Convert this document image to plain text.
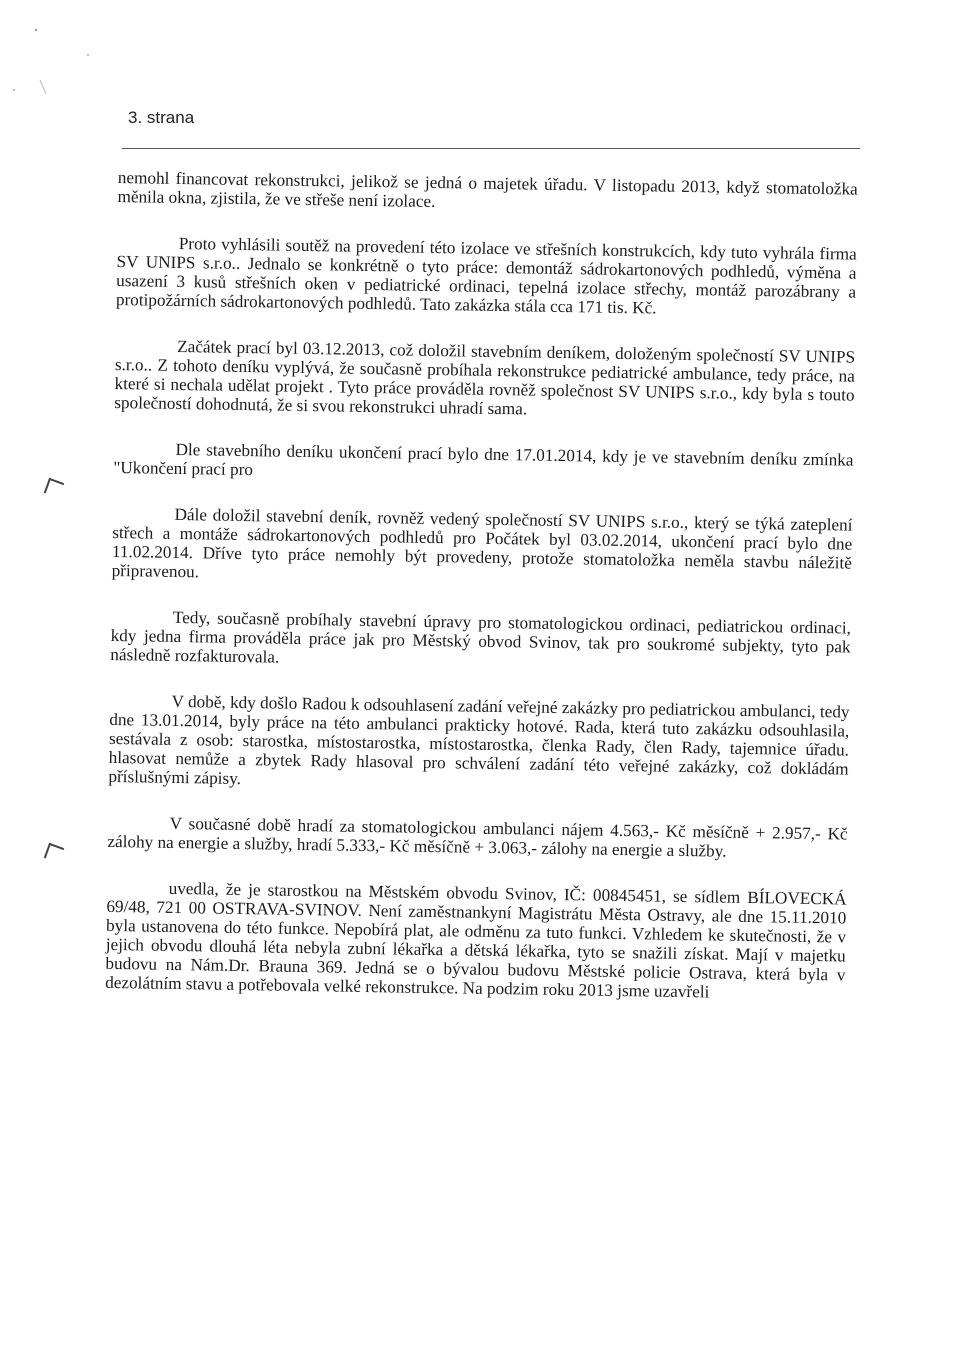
3. strana

nemohl financovat rekonstrukci, jelikož se jedná o majetek úřadu. V listopadu 2013, když stomatoložka měnila okna, zjistila, že ve střeše není izolace.

Proto vyhlásili soutěž na provedení této izolace ve střešních konstrukcích, kdy tuto vyhrála firma SV UNIPS s.r.o.. Jednalo se konkrétně o tyto práce: demontáž sádrokartonových podhledů, výměna a usazení 3 kusů střešních oken v pediatrické ordinaci, tepelná izolace střechy, montáž parozábrany a protipožárních sádrokartonových podhledů. Tato zakázka stála cca 171 tis. Kč.

Začátek prací byl 03.12.2013, což doložil stavebním deníkem, doloženým společností SV UNIPS s.r.o.. Z tohoto deníku vyplývá, že současně probíhala rekonstrukce pediatrické ambulance, tedy práce, na které si nechala udělat projekt . Tyto práce prováděla rovněž společnost SV UNIPS s.r.o., kdy byla s touto společností dohodnutá, že si svou rekonstrukci uhradí sama.

Dle stavebního deníku ukončení prací bylo dne 17.01.2014, kdy je ve stavebním deníku zmínka "Ukončení prací pro

Dále doložil stavební deník, rovněž vedený společností SV UNIPS s.r.o., který se týká zateplení střech a montáže sádrokartonových podhledů pro Počátek byl 03.02.2014, ukončení prací bylo dne 11.02.2014. Dříve tyto práce nemohly být provedeny, protože stomatoložka neměla stavbu náležitě připravenou.

Tedy, současně probíhaly stavební úpravy pro stomatologickou ordinaci, pediatrickou ordinaci, kdy jedna firma prováděla práce jak pro Městský obvod Svinov, tak pro soukromé subjekty, tyto pak následně rozfakturovala.

V době, kdy došlo Radou k odsouhlasení zadání veřejné zakázky pro pediatrickou ambulanci, tedy dne 13.01.2014, byly práce na této ambulanci prakticky hotové. Rada, která tuto zakázku odsouhlasila, sestávala z osob: starostka, místostarostka, místostarostka, členka Rady, člen Rady, tajemnice úřadu. hlasovat nemůže a zbytek Rady hlasoval pro schválení zadání této veřejné zakázky, což dokládám příslušnými zápisy.

V současné době hradí za stomatologickou ambulanci nájem 4.563,- Kč měsíčně + 2.957,- Kč zálohy na energie a služby, hradí 5.333,- Kč měsíčně + 3.063,- zálohy na energie a služby.

uvedla, že je starostkou na Městském obvodu Svinov, IČ: 00845451, se sídlem BÍLOVECKÁ 69/48, 721 00 OSTRAVA-SVINOV. Není zaměstnankyní Magistrátu Města Ostravy, ale dne 15.11.2010 byla ustanovena do této funkce. Nepobírá plat, ale odměnu za tuto funkci. Vzhledem ke skutečnosti, že v jejich obvodu dlouhá léta nebyla zubní lékařka a dětská lékařka, tyto se snažili získat. Mají v majetku budovu na Nám.Dr. Brauna 369. Jedná se o bývalou budovu Městské policie Ostrava, která byla v dezolátním stavu a potřebovala velké rekonstrukce. Na podzim roku 2013 jsme uzavřeli
